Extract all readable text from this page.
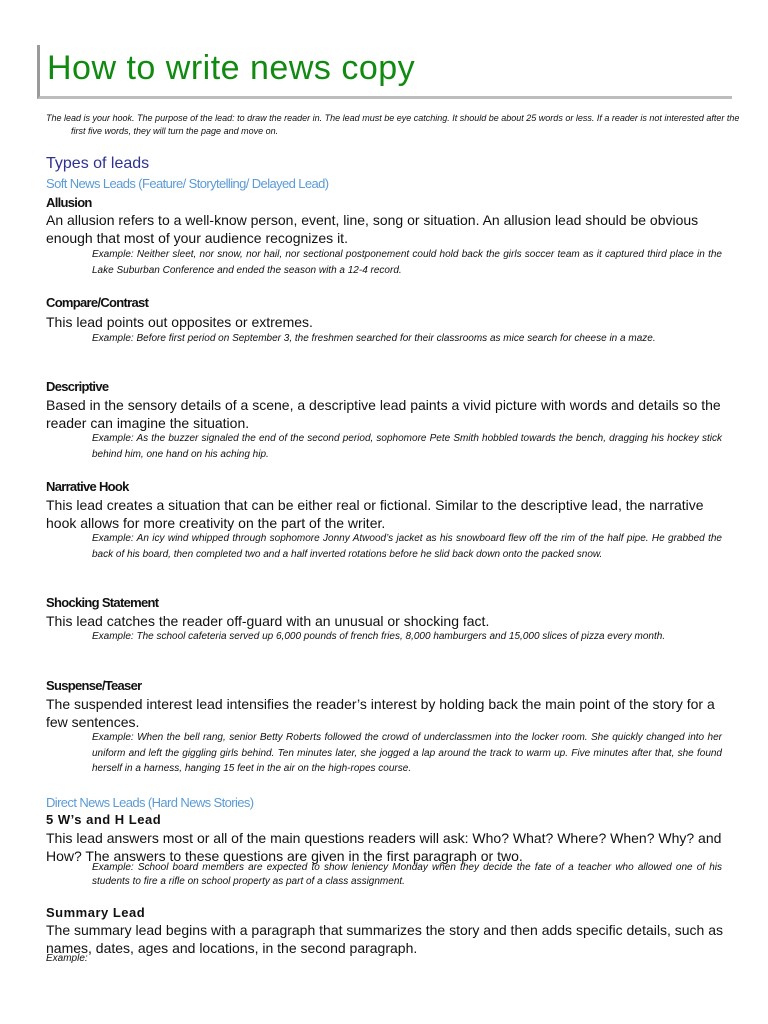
How to write news copy
The lead is your hook. The purpose of the lead: to draw the reader in. The lead must be eye catching. It should be about 25 words or less. If a reader is not interested after the first five words, they will turn the page and move on.
Types of leads
Soft News Leads (Feature/ Storytelling/ Delayed Lead)
Allusion
An allusion refers to a well-know person, event, line, song or situation. An allusion lead should be obvious enough that most of your audience recognizes it.
Example: Neither sleet, nor snow, nor hail, nor sectional postponement could hold back the girls soccer team as it captured third place in the Lake Suburban Conference and ended the season with a 12-4 record.
Compare/Contrast
This lead points out opposites or extremes.
Example: Before first period on September 3, the freshmen searched for their classrooms as mice search for cheese in a maze.
Descriptive
Based in the sensory details of a scene, a descriptive lead paints a vivid picture with words and details so the reader can imagine the situation.
Example: As the buzzer signaled the end of the second period, sophomore Pete Smith hobbled towards the bench, dragging his hockey stick behind him, one hand on his aching hip.
Narrative Hook
This lead creates a situation that can be either real or fictional. Similar to the descriptive lead, the narrative hook allows for more creativity on the part of the writer.
Example: An icy wind whipped through sophomore Jonny Atwood’s jacket as his snowboard flew off the rim of the half pipe. He grabbed the back of his board, then completed two and a half inverted rotations before he slid back down onto the packed snow.
Shocking Statement
This lead catches the reader off-guard with an unusual or shocking fact.
Example: The school cafeteria served up 6,000 pounds of french fries, 8,000 hamburgers and 15,000 slices of pizza every month.
Suspense/Teaser
The suspended interest lead intensifies the reader’s interest by holding back the main point of the story for a few sentences.
Example: When the bell rang, senior Betty Roberts followed the crowd of underclassmen into the locker room. She quickly changed into her uniform and left the giggling girls behind. Ten minutes later, she jogged a lap around the track to warm up. Five minutes after that, she found herself in a harness, hanging 15 feet in the air on the high-ropes course.
Direct News Leads (Hard News Stories)
5 W’s and H Lead
This lead answers most or all of the main questions readers will ask: Who? What? Where? When? Why? and How? The answers to these questions are given in the first paragraph or two.
Example: School board members are expected to show leniency Monday when they decide the fate of a teacher who allowed one of his students to fire a rifle on school property as part of a class assignment.
Summary Lead
The summary lead begins with a paragraph that summarizes the story and then adds specific details, such as names, dates, ages and locations, in the second paragraph.
Example:
